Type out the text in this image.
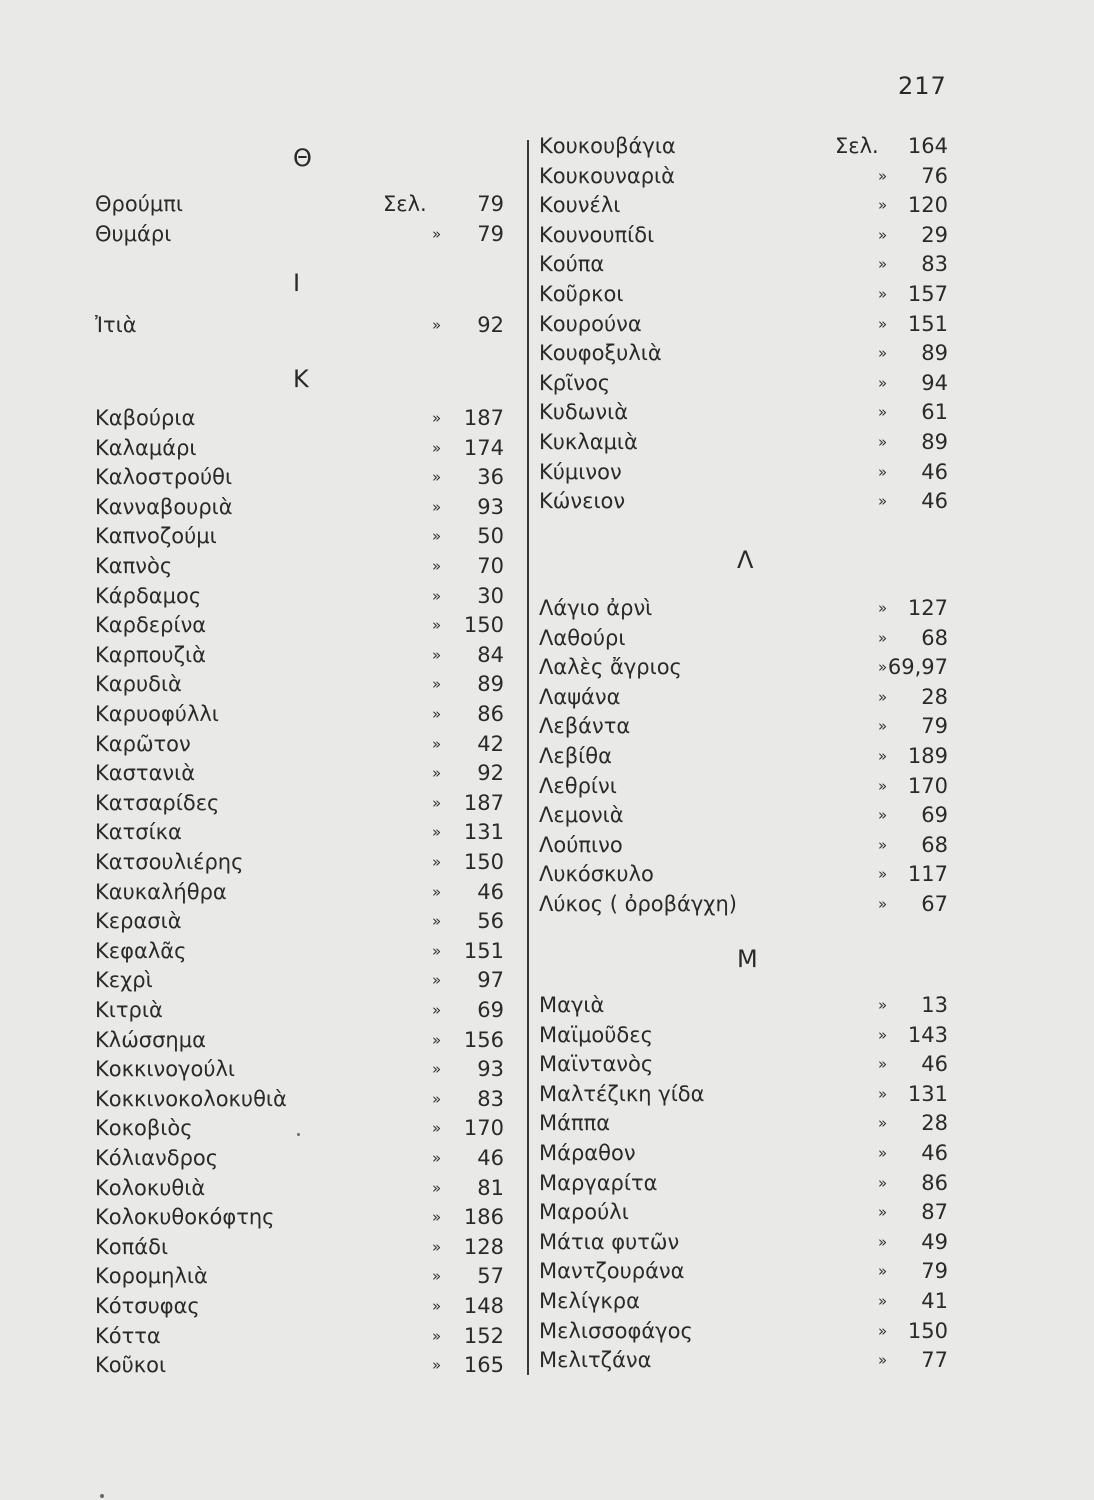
217
Θ
Θρούμπι	Σελ.	79
Θυμάρι	»	79
Ι
Ἰτιὰ	»	92
Κ
Καβούρια	»	187
Καλαμάρι	»	174
Καλοστρούθι	»	36
Κανναβουριὰ	»	93
Καπνοζούμι	»	50
Καπνὸς	»	70
Κάρδαμος	»	30
Καρδερίνα	»	150
Καρπουζιὰ	»	84
Καρυδιὰ	»	89
Καρυοφύλλι	»	86
Καρῶτον	»	42
Καστανιὰ	»	92
Κατσαρίδες	»	187
Κατσίκα	»	131
Κατσουλιέρης	»	150
Καυκαλήθρα	»	46
Κερασιὰ	»	56
Κεφαλᾶς	»	151
Κεχρὶ	»	97
Κιτριὰ	»	69
Κλώσσημα	»	156
Κοκκινογούλι	»	93
Κοκκινοκολοκυθιὰ	»	83
Κοκοβιὸς	»	170
Κόλιανδρος	»	46
Κολοκυθιὰ	»	81
Κολοκυθοκόφτης	»	186
Κοπάδι	»	128
Κορομηλιὰ	»	57
Κότσυφας	»	148
Κόττα	»	152
Κοῦκοι	»	165
Κουκουβάγια	Σελ.	164
Κουκουναριὰ	»	76
Κουνέλι	» 120
Κουνουπίδι	»	29
Κούπα	»	83
Κοῦρκοι	» 157
Κουρούνα	» 151
Κουφοξυλιὰ	»	89
Κρῖνος	»	94
Κυδωνιὰ	»	61
Κυκλαμιὰ	»	89
Κύμινον	»	46
Κώνειον	»	46
Λ
Λάγιο ἀρνὶ	» 127
Λαθούρι	»	68
Λαλὲς ἄγριος	» 69,97
Λαψάνα	»	28
Λεβάντα	»	79
Λεβίθα	» 189
Λεθρίνι	» 170
Λεμονιὰ	»	69
Λούπινο	»	68
Λυκόσκυλο	» 117
Λύκος ( ὀροβάγχη)	»	67
Μ
Μαγιὰ	»	13
Μαϊμοῦδες	» 143
Μαϊντανὸς	»	46
Μαλτέζικη γίδα	» 131
Μάππα	»	28
Μάραθον	»	46
Μαργαρίτα	»	86
Μαρούλι	»	87
Μάτια φυτῶν	»	49
Μαντζουράνα	»	79
Μελίγκρα	»	41
Μελισσοφάγος	» 150
Μελιτζάνα	»	77
